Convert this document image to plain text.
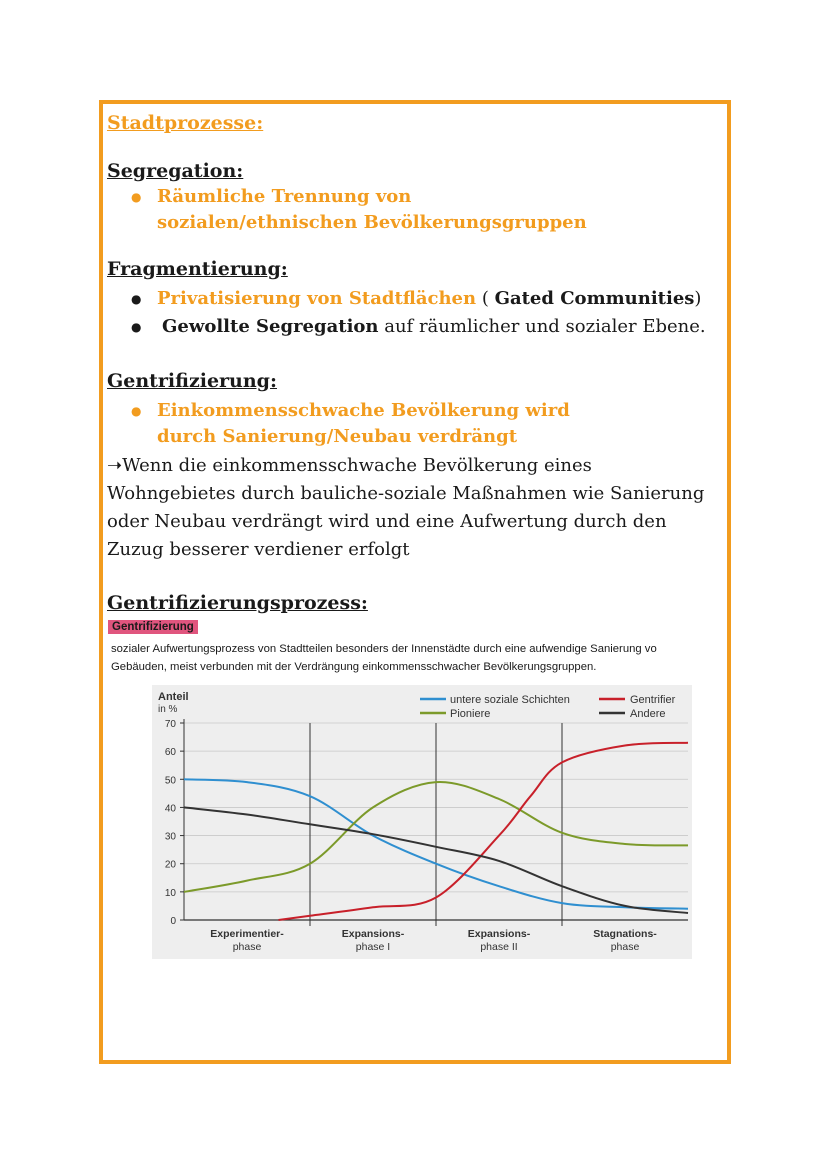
Stadtprozesse:
Segregation:
● Räumliche Trennung von sozialen/ethnischen Bevölkerungsgruppen
Fragmentierung:
● Privatisierung von Stadtflächen ( Gated Communities)
● Gewollte Segregation auf räumlicher und sozialer Ebene.
Gentrifizierung:
● Einkommensschwache Bevölkerung wird durch Sanierung/Neubau verdrängt

➝Wenn die einkommensschwache Bevölkerung eines Wohngebietes durch bauliche-soziale Maßnahmen wie Sanierung oder Neubau verdrängt wird und eine Aufwertung durch den Zuzug besserer verdiener erfolgt

Gentrifizierungsprozess:
Gentrifizierung

sozialer Aufwertungsprozess von Stadtteilen besonders der Innenstädte durch eine aufwendige Sanierung vo
Gebäuden, meist verbunden mit der Verdrängung einkommensschwacher Bevölkerungsgruppen.

Anteil
in %
untere soziale Schichten
Pioniere
Gentrifier
Andere
0
10
20
30
40
50
60
70
Experimentier-
phase
Expansions-
phase I
Expansions-
phase II
Stagnations-
phase
